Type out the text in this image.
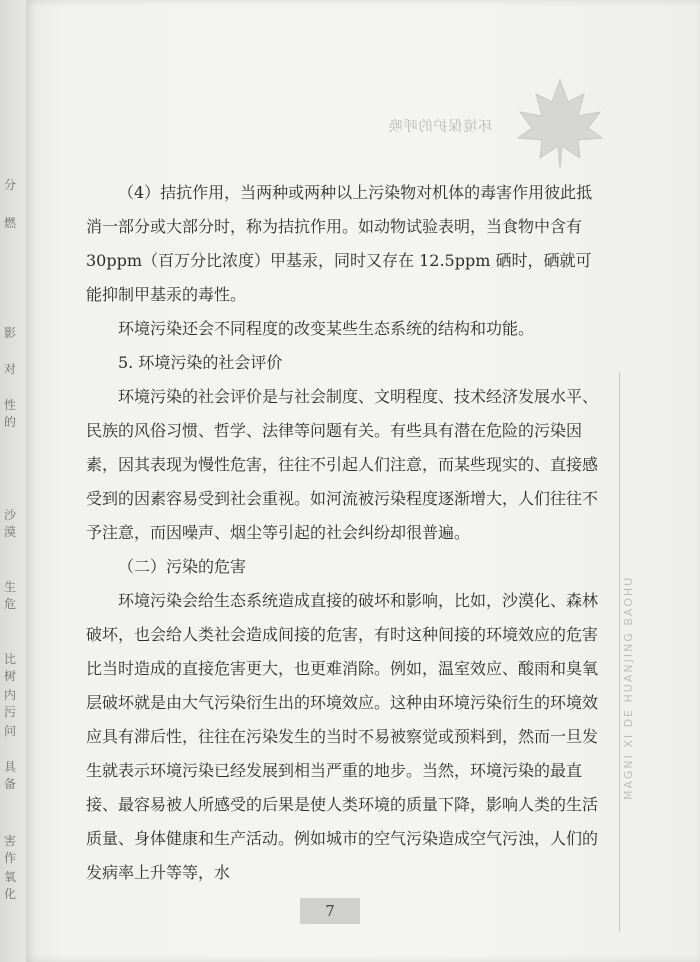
分
燃
影
对
性的
沙漠
生危
比树
内污
问
具备
害作
氧化
环境保护的呼唤
MAGNI XI DE HUANJING BAOHU

（4）拮抗作用，当两种或两种以上污染物对机体的毒害作用彼此抵消一部分或大部分时，称为拮抗作用。如动物试验表明，当食物中含有 30ppm（百万分比浓度）甲基汞，同时又存在 12.5ppm 硒时，硒就可能抑制甲基汞的毒性。

环境污染还会不同程度的改变某些生态系统的结构和功能。

5. 环境污染的社会评价

环境污染的社会评价是与社会制度、文明程度、技术经济发展水平、民族的风俗习惯、哲学、法律等问题有关。有些具有潜在危险的污染因素，因其表现为慢性危害，往往不引起人们注意，而某些现实的、直接感受到的因素容易受到社会重视。如河流被污染程度逐渐增大，人们往往不予注意，而因噪声、烟尘等引起的社会纠纷却很普遍。

（二）污染的危害

环境污染会给生态系统造成直接的破坏和影响，比如，沙漠化、森林破坏，也会给人类社会造成间接的危害，有时这种间接的环境效应的危害比当时造成的直接危害更大，也更难消除。例如，温室效应、酸雨和臭氧层破坏就是由大气污染衍生出的环境效应。这种由环境污染衍生的环境效应具有滞后性，往往在污染发生的当时不易被察觉或预料到，然而一旦发生就表示环境污染已经发展到相当严重的地步。当然，环境污染的最直接、最容易被人所感受的后果是使人类环境的质量下降，影响人类的生活质量、身体健康和生产活动。例如城市的空气污染造成空气污浊，人们的发病率上升等等，水

7
